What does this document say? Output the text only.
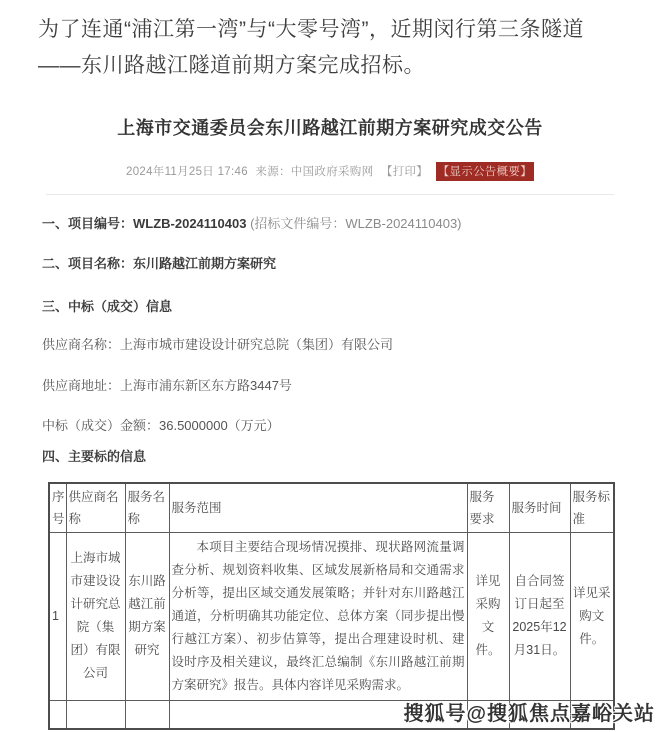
为了连通“浦江第一湾”与“大零号湾”，近期闵行第三条隧道——东川路越江隧道前期方案完成招标。
上海市交通委员会东川路越江前期方案研究成交公告
2024年11月25日 17:46 来源：中国政府采购网 【打印】 【显示公告概要】

一、项目编号：WLZB-2024110403 (招标文件编号：WLZB-2024110403)

二、项目名称：东川路越江前期方案研究

三、中标（成交）信息

供应商名称：上海市城市建设设计研究总院（集团）有限公司

供应商地址：上海市浦东新区东方路3447号

中标（成交）金额：36.5000000（万元）

四、主要标的信息

序号	供应商名称	服务名称	服务范围	服务要求	服务时间	服务标准
1	上海市城市建设设计研究总院（集团）有限公司	东川路越江前期方案研究	本项目主要结合现场情况摸排、现状路网流量调查分析、规划资料收集、区域发展新格局和交通需求分析等，提出区域交通发展策略；并针对东川路越江通道，分析明确其功能定位、总体方案（同步提出慢行越江方案）、初步估算等，提出合理建设时机、建设时序及相关建议，最终汇总编制《东川路越江前期方案研究》报告。具体内容详见采购需求。	详见采购文件。	自合同签订日起至2025年12月31日。	详见采购文件。

搜狐号@搜狐焦点嘉峪关站
